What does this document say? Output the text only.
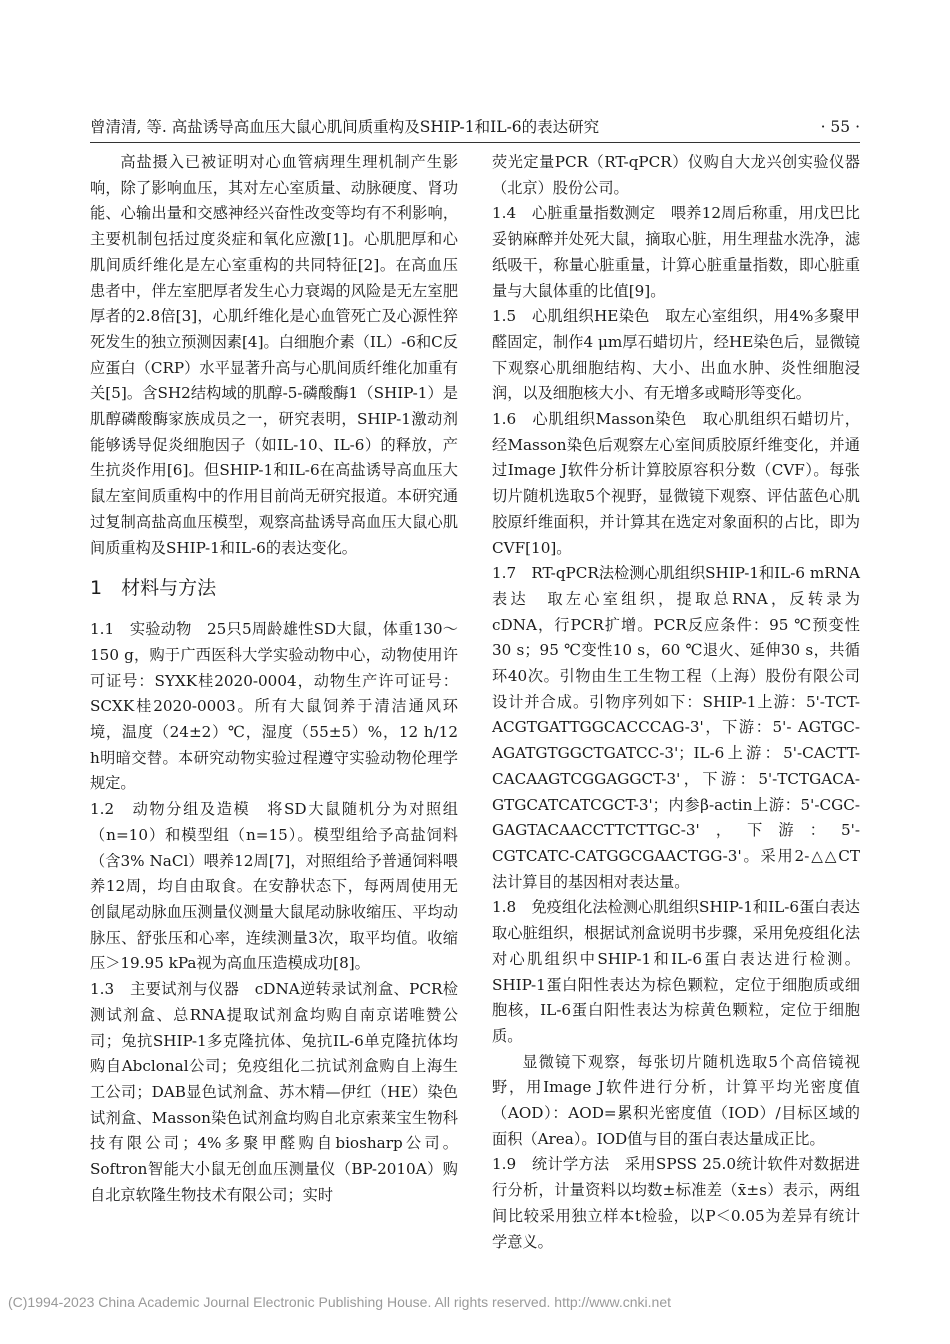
曾清清, 等. 高盐诱导高血压大鼠心肌间质重构及SHIP-1和IL-6的表达研究	· 55 ·

高盐摄入已被证明对心血管病理生理机制产生影响，除了影响血压，其对左心室质量、动脉硬度、肾功能、心输出量和交感神经兴奋性改变等均有不利影响，主要机制包括过度炎症和氧化应激[1]。心肌肥厚和心肌间质纤维化是左心室重构的共同特征[2]。在高血压患者中，伴左室肥厚者发生心力衰竭的风险是无左室肥厚者的2.8倍[3]，心肌纤维化是心血管死亡及心源性猝死发生的独立预测因素[4]。白细胞介素（IL）-6和C反应蛋白（CRP）水平显著升高与心肌间质纤维化加重有关[5]。含SH2结构域的肌醇-5-磷酸酶1（SHIP-1）是肌醇磷酸酶家族成员之一，研究表明，SHIP-1激动剂能够诱导促炎细胞因子（如IL-10、IL-6）的释放，产生抗炎作用[6]。但SHIP-1和IL-6在高盐诱导高血压大鼠左室间质重构中的作用目前尚无研究报道。本研究通过复制高盐高血压模型，观察高盐诱导高血压大鼠心肌间质重构及SHIP-1和IL-6的表达变化。

1　材料与方法

1.1　实验动物　25只5周龄雄性SD大鼠，体重130～150 g，购于广西医科大学实验动物中心，动物使用许可证号：SYXK桂2020-0004，动物生产许可证号：SCXK桂2020-0003。所有大鼠饲养于清洁通风环境，温度（24±2）℃，湿度（55±5）%，12 h/12 h明暗交替。本研究动物实验过程遵守实验动物伦理学规定。

1.2　动物分组及造模　将SD大鼠随机分为对照组（n=10）和模型组（n=15）。模型组给予高盐饲料（含3% NaCl）喂养12周[7]，对照组给予普通饲料喂养12周，均自由取食。在安静状态下，每两周使用无创鼠尾动脉血压测量仪测量大鼠尾动脉收缩压、平均动脉压、舒张压和心率，连续测量3次，取平均值。收缩压＞19.95 kPa视为高血压造模成功[8]。

1.3　主要试剂与仪器　cDNA逆转录试剂盒、PCR检测试剂盒、总RNA提取试剂盒均购自南京诺唯赞公司；兔抗SHIP-1多克隆抗体、兔抗IL-6单克隆抗体均购自Abclonal公司；免疫组化二抗试剂盒购自上海生工公司；DAB显色试剂盒、苏木精—伊红（HE）染色试剂盒、Masson染色试剂盒均购自北京索莱宝生物科技有限公司；4%多聚甲醛购自biosharp公司。Softron智能大小鼠无创血压测量仪（BP-2010A）购自北京软隆生物技术有限公司；实时

荧光定量PCR（RT-qPCR）仪购自大龙兴创实验仪器（北京）股份公司。

1.4　心脏重量指数测定　喂养12周后称重，用戊巴比妥钠麻醉并处死大鼠，摘取心脏，用生理盐水洗净，滤纸吸干，称量心脏重量，计算心脏重量指数，即心脏重量与大鼠体重的比值[9]。

1.5　心肌组织HE染色　取左心室组织，用4%多聚甲醛固定，制作4 μm厚石蜡切片，经HE染色后，显微镜下观察心肌细胞结构、大小、出血水肿、炎性细胞浸润，以及细胞核大小、有无增多或畸形等变化。

1.6　心肌组织Masson染色　取心肌组织石蜡切片，经Masson染色后观察左心室间质胶原纤维变化，并通过Image J软件分析计算胶原容积分数（CVF）。每张切片随机选取5个视野，显微镜下观察、评估蓝色心肌胶原纤维面积，并计算其在选定对象面积的占比，即为CVF[10]。

1.7　RT-qPCR法检测心肌组织SHIP-1和IL-6 mRNA表达　取左心室组织，提取总RNA，反转录为cDNA，行PCR扩增。PCR反应条件：95 ℃预变性30 s；95 ℃变性10 s，60 ℃退火、延伸30 s，共循环40次。引物由生工生物工程（上海）股份有限公司设计并合成。引物序列如下：SHIP-1上游：5'-TCT-ACGTGATTGGCACCCAG-3'，下游：5'- AGTGC-AGATGTGGCTGATCC-3'；IL-6上游：5'-CACTT-CACAAGTCGGAGGCT-3'，下游：5'-TCTGACA-GTGCATCATCGCT-3'；内参β-actin上游：5'-CGC-GAGTACAACCTTCTTGC-3'，下游：5'-CGTCATC-CATGGCGAACTGG-3'。采用2-△△CT法计算目的基因相对表达量。

1.8　免疫组化法检测心肌组织SHIP-1和IL-6蛋白表达　取心脏组织，根据试剂盒说明书步骤，采用免疫组化法对心肌组织中SHIP-1和IL-6蛋白表达进行检测。SHIP-1蛋白阳性表达为棕色颗粒，定位于细胞质或细胞核，IL-6蛋白阳性表达为棕黄色颗粒，定位于细胞质。

显微镜下观察，每张切片随机选取5个高倍镜视野，用Image J软件进行分析，计算平均光密度值（AOD）：AOD=累积光密度值（IOD）/目标区域的面积（Area）。IOD值与目的蛋白表达量成正比。

1.9　统计学方法　采用SPSS 25.0统计软件对数据进行分析，计量资料以均数±标准差（x̄±s）表示，两组间比较采用独立样本t检验，以P＜0.05为差异有统计学意义。

(C)1994-2023 China Academic Journal Electronic Publishing House. All rights reserved. http://www.cnki.net
